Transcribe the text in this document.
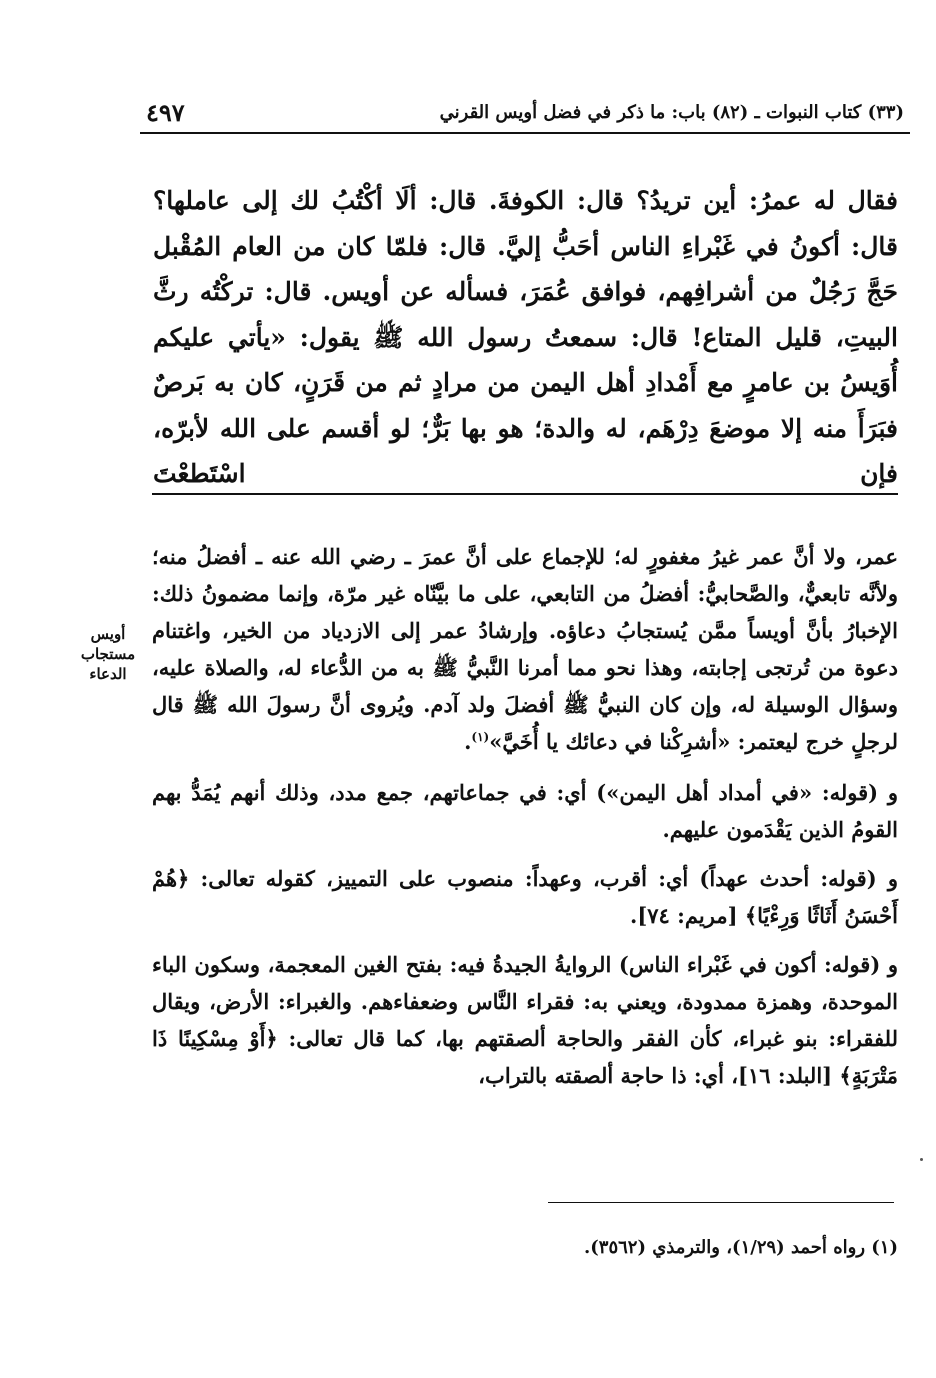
٤٩٧	(٣٣) كتاب النبوات ـ (٨٢) باب: ما ذكر في فضل أويس القرني

فقال له عمرُ: أين تريدُ؟ قال: الكوفةَ. قال: ألَا أكْتُبُ لك إلى عاملها؟ قال: أكونُ في غَبْراءِ الناس أحَبُّ إليَّ. قال: فلمّا كان من العام المُقْبل حَجَّ رَجُلٌ من أشرافِهم، فوافق عُمَرَ، فسأله عن أويس. قال: تركْتُه رثَّ البيتِ، قليل المتاع! قال: سمعتُ رسول الله ﷺ يقول: «يأتي عليكم أُوَيسُ بن عامرٍ مع أَمْدادِ أهل اليمن من مرادٍ ثم من قَرَنٍ، كان به بَرصٌ فبَرَأَ منه إلا موضعَ دِرْهَم، له والدة؛ هو بها بَرٌّ؛ لو أقسم على الله لأبرّه، فإن اسْتَطعْتَ

أويس
مستجاب
الدعاء

عمر، ولا أنَّ عمر غيرُ مغفورٍ له؛ للإجماع على أنَّ عمرَ ـ رضي الله عنه ـ أفضلُ منه؛ ولأنَّه تابعيٌّ، والصَّحابيُّ: أفضلُ من التابعي، على ما بيَّنّاه غير مرّة، وإنما مضمونُ ذلك: الإخبارُ بأنَّ أويساً ممَّن يُستجابُ دعاؤه. وإرشادُ عمر إلى الازدياد من الخير، واغتنام دعوة من تُرتجى إجابته، وهذا نحو مما أمرنا النَّبيُّ ﷺ به من الدُّعاء له، والصلاة عليه، وسؤال الوسيلة له، وإن كان النبيُّ ﷺ أفضلَ ولد آدم. ويُروى أنَّ رسولَ الله ﷺ قال لرجلٍ خرج ليعتمر: «أشرِكْنا في دعائك يا أُخَيَّ»$^{(١)}$.

و (قوله: «في أمداد أهل اليمن») أي: في جماعاتهم، جمع مدد، وذلك أنهم يُمَدُّ بهم القومُ الذين يَقْدَمون عليهم.

و (قوله: أحدث عهداً) أي: أقرب، وعهداً: منصوب على التمييز، كقوله تعالى: ﴿هُمْ أَحْسَنُ أَثَاثًا وَرِءْيًا﴾ [مريم: ٧٤].

و (قوله: أكون في غَبْراء الناس) الروايةُ الجيدةُ فيه: بفتح الغين المعجمة، وسكون الباء الموحدة، وهمزة ممدودة، ويعني به: فقراء النَّاس وضعفاءهم. والغبراء: الأرض، ويقال للفقراء: بنو غبراء، كأن الفقر والحاجة ألصقتهم بها، كما قال تعالى: ﴿أَوْ مِسْكِينًا ذَا مَتْرَبَةٍ﴾ [البلد: ١٦]، أي: ذا حاجة ألصقته بالتراب،

(١) رواه أحمد (١/٢٩)، والترمذي (٣٥٦٢).
